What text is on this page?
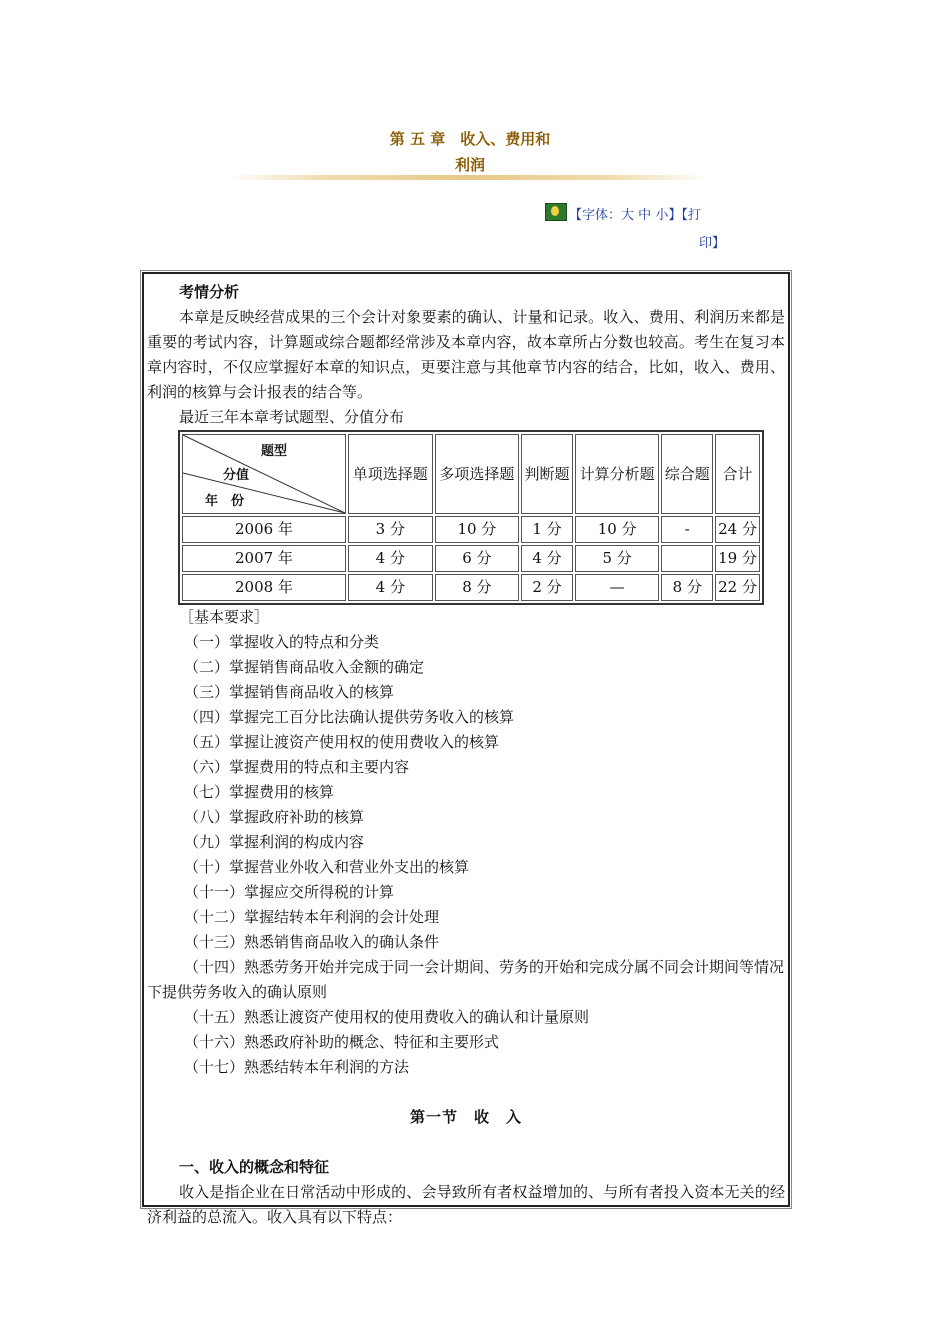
第 五 章　收入、费用和
利润
【字体：大 中 小】【打
印】
考情分析

本章是反映经营成果的三个会计对象要素的确认、计量和记录。收入、费用、利润历来都是重要的考试内容，计算题或综合题都经常涉及本章内容，故本章所占分数也较高。考生在复习本章内容时，不仅应掌握好本章的知识点，更要注意与其他章节内容的结合，比如，收入、费用、利润的核算与会计报表的结合等。

最近三年本章考试题型、分值分布

题型
分值
年　份	单项选择题	多项选择题	判断题	计算分析题	综合题	合计
2006 年	3 分	10 分	1 分	10 分	-	24 分
2007 年	4 分	6 分	4 分	5 分		19 分
2008 年	4 分	8 分	2 分	—	8 分	22 分

［基本要求］

（一）掌握收入的特点和分类

（二）掌握销售商品收入金额的确定

（三）掌握销售商品收入的核算

（四）掌握完工百分比法确认提供劳务收入的核算

（五）掌握让渡资产使用权的使用费收入的核算

（六）掌握费用的特点和主要内容

（七）掌握费用的核算

（八）掌握政府补助的核算

（九）掌握利润的构成内容

（十）掌握营业外收入和营业外支出的核算

（十一）掌握应交所得税的计算

（十二）掌握结转本年利润的会计处理

（十三）熟悉销售商品收入的确认条件

（十四）熟悉劳务开始并完成于同一会计期间、劳务的开始和完成分属不同会计期间等情况下提供劳务收入的确认原则

（十五）熟悉让渡资产使用权的使用费收入的确认和计量原则

（十六）熟悉政府补助的概念、特征和主要形式

（十七）熟悉结转本年利润的方法

第一节　收　入

一、收入的概念和特征

收入是指企业在日常活动中形成的、会导致所有者权益增加的、与所有者投入资本无关的经济利益的总流入。收入具有以下特点：
